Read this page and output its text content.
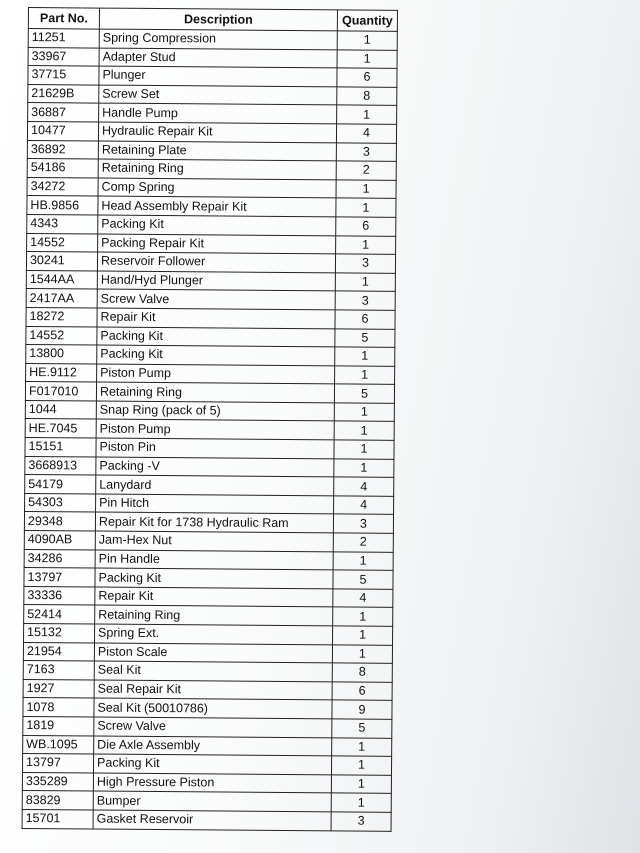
Part No.	Description	Quantity
11251	Spring Compression	1
33967	Adapter Stud	1
37715	Plunger	6
21629B	Screw Set	8
36887	Handle Pump	1
10477	Hydraulic Repair Kit	4
36892	Retaining Plate	3
54186	Retaining Ring	2
34272	Comp Spring	1
HB.9856	Head Assembly Repair Kit	1
4343	Packing Kit	6
14552	Packing Repair Kit	1
30241	Reservoir Follower	3
1544AA	Hand/Hyd Plunger	1
2417AA	Screw Valve	3
18272	Repair Kit	6
14552	Packing Kit	5
13800	Packing Kit	1
HE.9112	Piston Pump	1
F017010	Retaining Ring	5
1044	Snap Ring (pack of 5)	1
HE.7045	Piston Pump	1
15151	Piston Pin	1
3668913	Packing -V	1
54179	Lanydard	4
54303	Pin Hitch	4
29348	Repair Kit for 1738 Hydraulic Ram	3
4090AB	Jam-Hex Nut	2
34286	Pin Handle	1
13797	Packing Kit	5
33336	Repair Kit	4
52414	Retaining Ring	1
15132	Spring Ext.	1
21954	Piston Scale	1
7163	Seal Kit	8
1927	Seal Repair Kit	6
1078	Seal Kit (50010786)	9
1819	Screw Valve	5
WB.1095	Die Axle Assembly	1
13797	Packing Kit	1
335289	High Pressure Piston	1
83829	Bumper	1
15701	Gasket Reservoir	3
